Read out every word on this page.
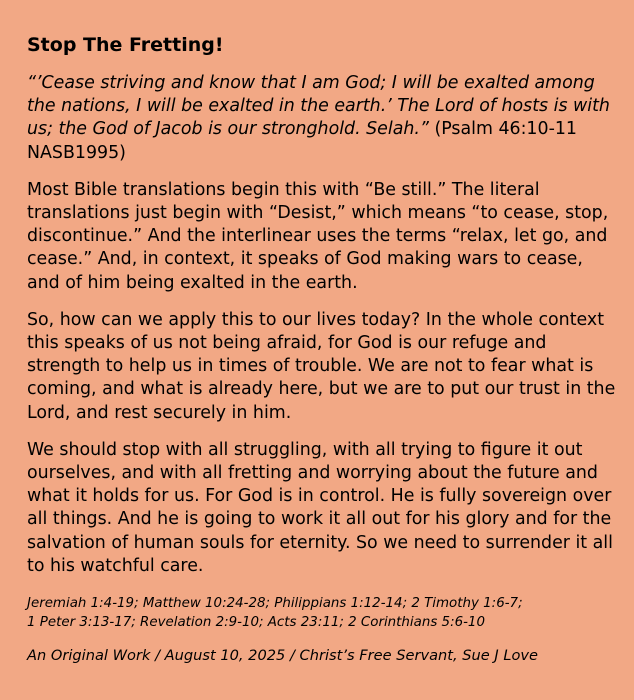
Stop The Fretting!

“’Cease striving and know that I am God; I will be exalted among the nations, I will be exalted in the earth.’ The Lord of hosts is with us; the God of Jacob is our stronghold. Selah.” (Psalm 46:10-11 NASB1995)

Most Bible translations begin this with “Be still.” The literal translations just begin with “Desist,” which means “to cease, stop, discontinue.” And the interlinear uses the terms “relax, let go, and cease.” And, in context, it speaks of God making wars to cease, and of him being exalted in the earth.

So, how can we apply this to our lives today? In the whole context this speaks of us not being afraid, for God is our refuge and strength to help us in times of trouble. We are not to fear what is coming, and what is already here, but we are to put our trust in the Lord, and rest securely in him.

We should stop with all struggling, with all trying to figure it out ourselves, and with all fretting and worrying about the future and what it holds for us. For God is in control. He is fully sovereign over all things. And he is going to work it all out for his glory and for the salvation of human souls for eternity. So we need to surrender it all to his watchful care.

Jeremiah 1:4-19; Matthew 10:24-28; Philippians 1:12-14; 2 Timothy 1:6-7;
1 Peter 3:13-17; Revelation 2:9-10; Acts 23:11; 2 Corinthians 5:6-10

An Original Work / August 10, 2025 / Christ’s Free Servant, Sue J Love
